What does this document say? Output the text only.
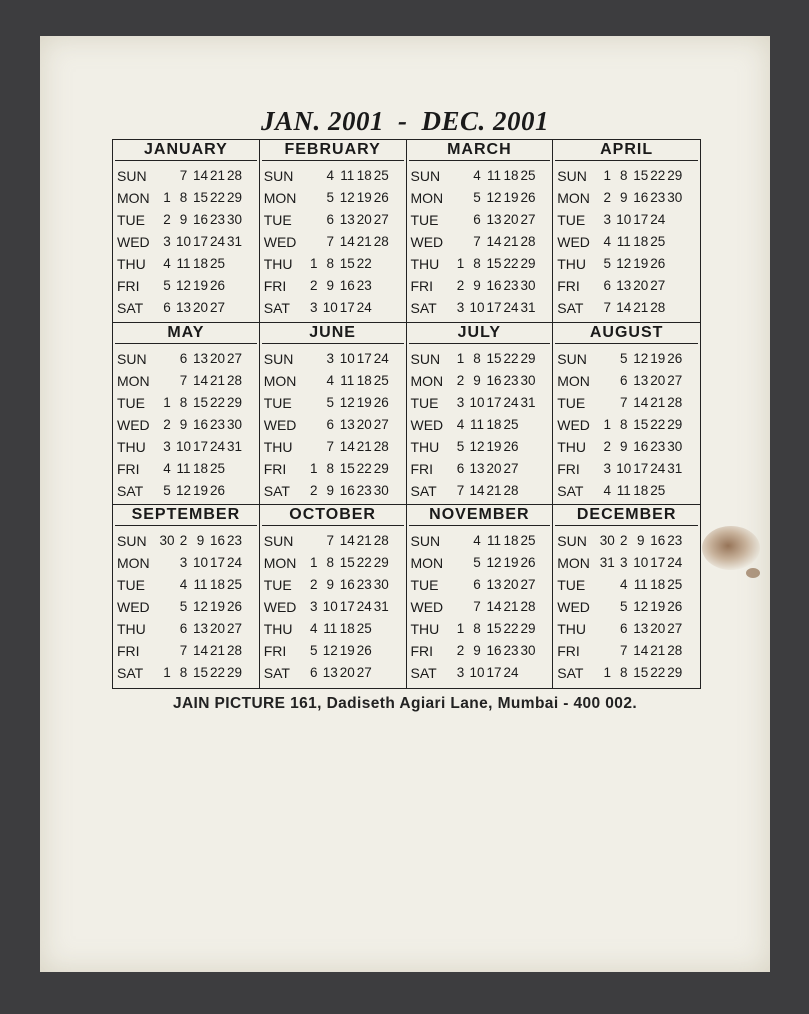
JAN. 2001 - DEC. 2001
JANUARY
SUN	7 14 21 28
MON	1 8 15 22 29
TUE	2 9 16 23 30
WED	3 10 17 24 31
THU	4 11 18 25
FRI	5 12 19 26
SAT	6 13 20 27
FEBRUARY
SUN	4 11 18 25
MON	5 12 19 26
TUE	6 13 20 27
WED	7 14 21 28
THU	1 8 15 22
FRI	2 9 16 23
SAT	3 10 17 24
MARCH
SUN	4 11 18 25
MON	5 12 19 26
TUE	6 13 20 27
WED	7 14 21 28
THU	1 8 15 22 29
FRI	2 9 16 23 30
SAT	3 10 17 24 31
APRIL
SUN	1 8 15 22 29
MON	2 9 16 23 30
TUE	3 10 17 24
WED	4 11 18 25
THU	5 12 19 26
FRI	6 13 20 27
SAT	7 14 21 28
MAY
SUN	6 13 20 27
MON	7 14 21 28
TUE	1 8 15 22 29
WED	2 9 16 23 30
THU	3 10 17 24 31
FRI	4 11 18 25
SAT	5 12 19 26
JUNE
SUN	3 10 17 24
MON	4 11 18 25
TUE	5 12 19 26
WED	6 13 20 27
THU	7 14 21 28
FRI	1 8 15 22 29
SAT	2 9 16 23 30
JULY
SUN	1 8 15 22 29
MON	2 9 16 23 30
TUE	3 10 17 24 31
WED	4 11 18 25
THU	5 12 19 26
FRI	6 13 20 27
SAT	7 14 21 28
AUGUST
SUN	5 12 19 26
MON	6 13 20 27
TUE	7 14 21 28
WED	1 8 15 22 29
THU	2 9 16 23 30
FRI	3 10 17 24 31
SAT	4 11 18 25
SEPTEMBER
SUN 30 2 9 16 23
MON	3 10 17 24
TUE	4 11 18 25
WED	5 12 19 26
THU	6 13 20 27
FRI	7 14 21 28
SAT	1 8 15 22 29
OCTOBER
SUN	7 14 21 28
MON	1 8 15 22 29
TUE	2 9 16 23 30
WED	3 10 17 24 31
THU	4 11 18 25
FRI	5 12 19 26
SAT	6 13 20 27
NOVEMBER
SUN	4 11 18 25
MON	5 12 19 26
TUE	6 13 20 27
WED	7 14 21 28
THU	1 8 15 22 29
FRI	2 9 16 23 30
SAT	3 10 17 24
DECEMBER
SUN 30 2 9 16 23
MON 31 3 10 17 24
TUE	4 11 18 25
WED	5 12 19 26
THU	6 13 20 27
FRI	7 14 21 28
SAT	1 8 15 22 29
JAIN PICTURE 161, Dadiseth Agiari Lane, Mumbai - 400 002.
